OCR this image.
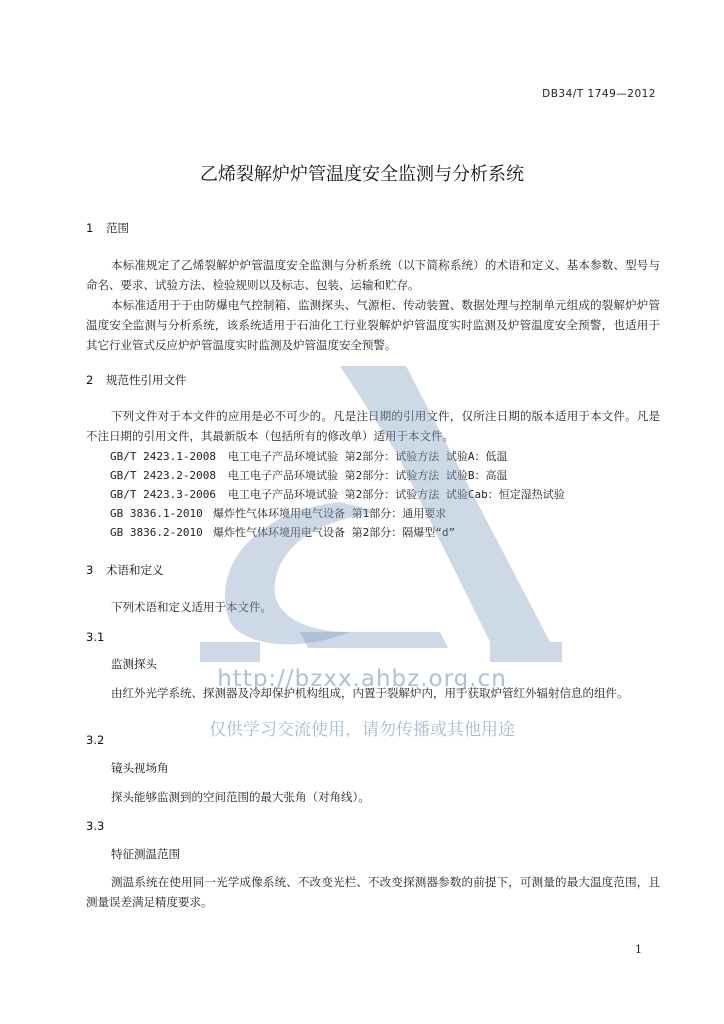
DB34/T 1749—2012
乙烯裂解炉炉管温度安全监测与分析系统
1 范围
本标准规定了乙烯裂解炉炉管温度安全监测与分析系统（以下简称系统）的术语和定义、基本参数、型号与命名、要求、试验方法、检验规则以及标志、包装、运输和贮存。
本标准适用于于由防爆电气控制箱、监测探头、气源柜、传动装置、数据处理与控制单元组成的裂解炉炉管温度安全监测与分析系统，该系统适用于石油化工行业裂解炉炉管温度实时监测及炉管温度安全预警，也适用于其它行业管式反应炉炉管温度实时监测及炉管温度安全预警。
2 规范性引用文件
下列文件对于本文件的应用是必不可少的。凡是注日期的引用文件，仅所注日期的版本适用于本文件。凡是不注日期的引用文件，其最新版本（包括所有的修改单）适用于本文件。
GB/T 2423.1-2008 电工电子产品环境试验 第2部分：试验方法 试验A：低温
GB/T 2423.2-2008 电工电子产品环境试验 第2部分：试验方法 试验B：高温
GB/T 2423.3-2006 电工电子产品环境试验 第2部分：试验方法 试验Cab：恒定湿热试验
GB 3836.1-2010 爆炸性气体环境用电气设备 第1部分：通用要求
GB 3836.2-2010 爆炸性气体环境用电气设备 第2部分：隔爆型“d”
3 术语和定义
下列术语和定义适用于本文件。
3.1
监测探头
由红外光学系统、探测器及冷却保护机构组成，内置于裂解炉内，用于获取炉管红外辐射信息的组件。
3.2
镜头视场角
探头能够监测到的空间范围的最大张角（对角线）。
3.3
特征测温范围
测温系统在使用同一光学成像系统、不改变光栏、不改变探测器参数的前提下，可测量的最大温度范围，且测量误差满足精度要求。
1
http://bzxx.ahbz.org.cn
仅供学习交流使用，请勿传播或其他用途
